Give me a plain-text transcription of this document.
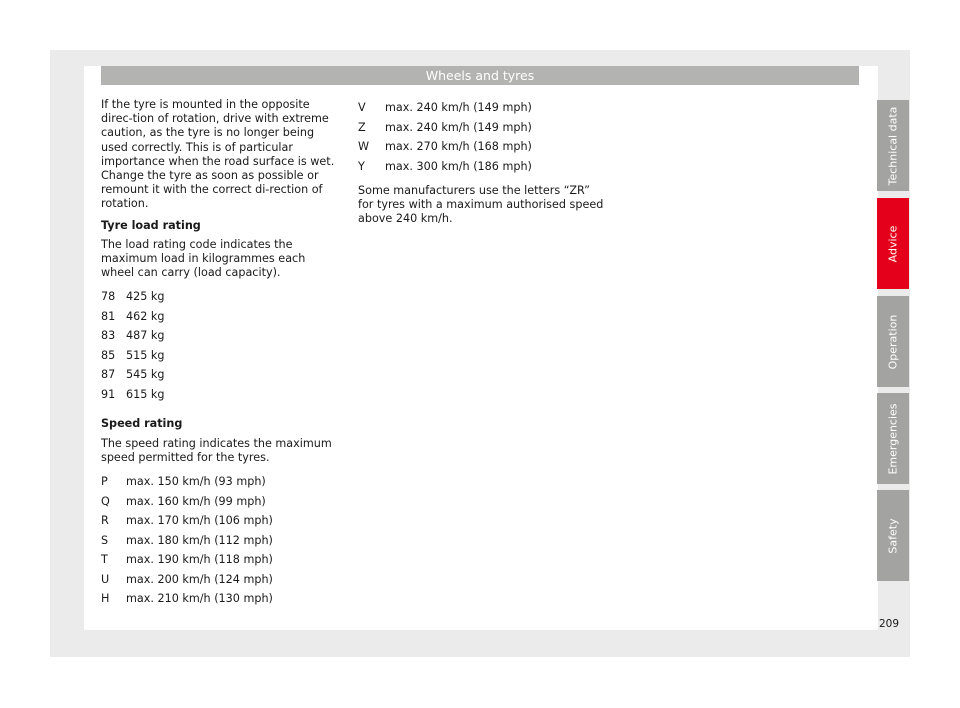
Wheels and tyres

If the tyre is mounted in the opposite direc-tion of rotation, drive with extreme caution, as the tyre is no longer being used correctly. This is of particular importance when the road surface is wet. Change the tyre as soon as possible or remount it with the correct di-rection of rotation.

Tyre load rating

The load rating code indicates the maximum load in kilogrammes each wheel can carry (load capacity).

78 425 kg
81 462 kg
83 487 kg
85 515 kg
87 545 kg
91 615 kg

Speed rating

The speed rating indicates the maximum speed permitted for the tyres.

P max. 150 km/h (93 mph)
Q max. 160 km/h (99 mph)
R max. 170 km/h (106 mph)
S max. 180 km/h (112 mph)
T max. 190 km/h (118 mph)
U max. 200 km/h (124 mph)
H max. 210 km/h (130 mph)
V max. 240 km/h (149 mph)
Z max. 240 km/h (149 mph)
W max. 270 km/h (168 mph)
Y max. 300 km/h (186 mph)

Some manufacturers use the letters “ZR” for tyres with a maximum authorised speed above 240 km/h.

Technical data
Advice
Operation
Emergencies
Safety
209
